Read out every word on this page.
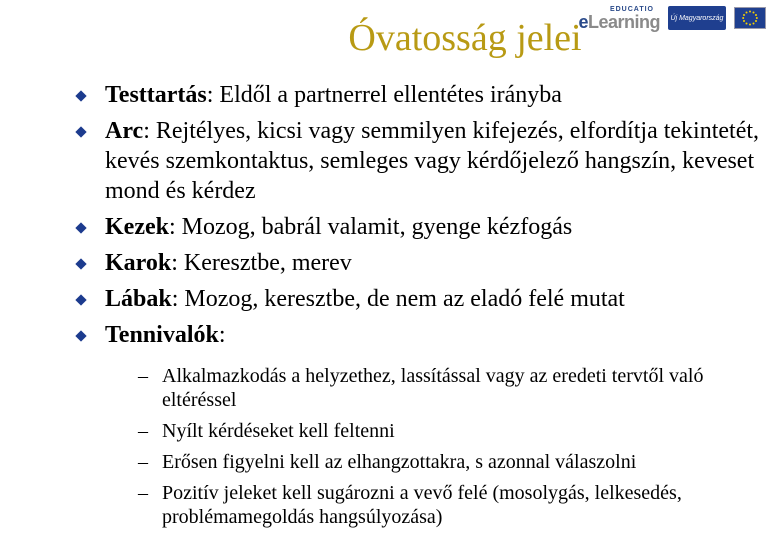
EDUCATIO
eLearning Új Magyarország
Óvatosság jelei
Testtartás: Eldől a partnerrel ellentétes irányba
Arc: Rejtélyes, kicsi vagy semmilyen kifejezés, elfordítja tekintetét, kevés szemkontaktus, semleges vagy kérdőjelező hangszín, keveset mond és kérdez
Kezek: Mozog, babrál valamit, gyenge kézfogás
Karok: Keresztbe, merev
Lábak: Mozog, keresztbe, de nem az eladó felé mutat
Tennivalók:
– Alkalmazkodás a helyzethez, lassítással vagy az eredeti tervtől való eltéréssel
– Nyílt kérdéseket kell feltenni
– Erősen figyelni kell az elhangzottakra, s azonnal válaszolni
– Pozitív jeleket kell sugározni a vevő felé (mosolygás, lelkesedés, problémamegoldás hangsúlyozása)
